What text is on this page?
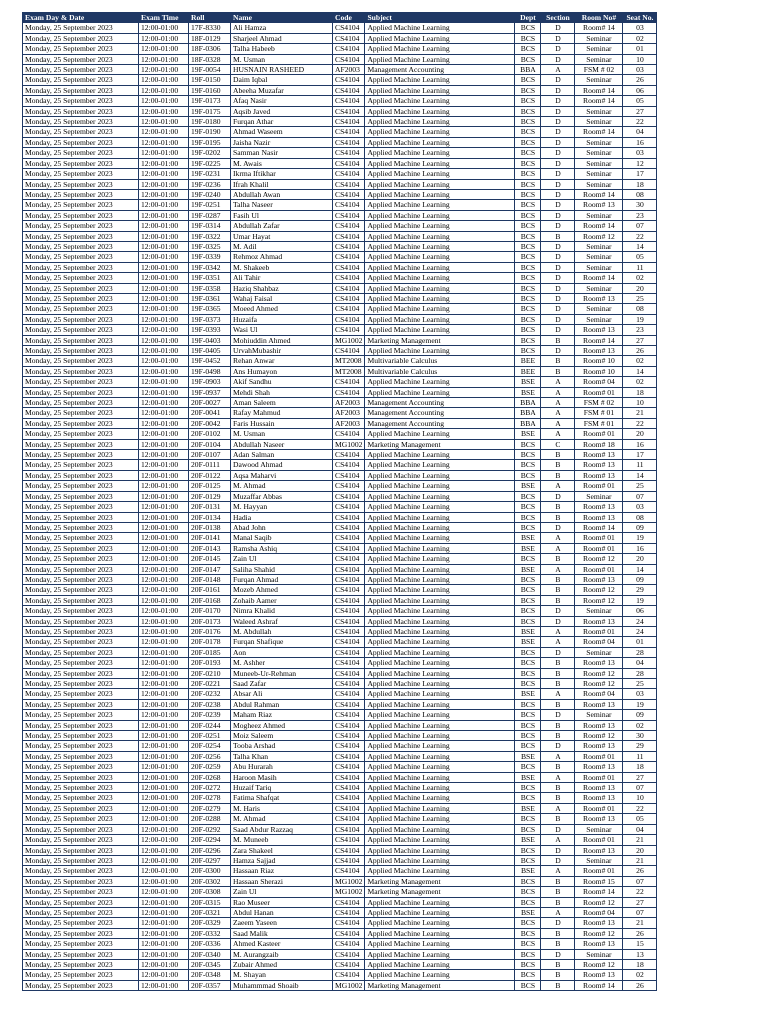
Exam Day & Date	Exam Time	Roll	Name	Code	Subject	Dept	Section	Room No#	Seat No.
Monday, 25 September 2023	12:00-01:00	17F-8330	Ali Hamza	CS4104	Applied Machine Learning	BCS	D	Room# 14	03
Monday, 25 September 2023	12:00-01:00	18F-0129	Sharjeel Ahmad	CS4104	Applied Machine Learning	BCS	D	Seminar	02
Monday, 25 September 2023	12:00-01:00	18F-0306	Talha Habeeb	CS4104	Applied Machine Learning	BCS	D	Seminar	01
Monday, 25 September 2023	12:00-01:00	18F-0328	M. Usman	CS4104	Applied Machine Learning	BCS	D	Seminar	10
Monday, 25 September 2023	12:00-01:00	19F-0054	HUSNAIN RASHEED	AF2003	Management Accounting	BBA	A	FSM # 02	03
Monday, 25 September 2023	12:00-01:00	19F-0150	Daim Iqbal	CS4104	Applied Machine Learning	BCS	D	Seminar	26
Monday, 25 September 2023	12:00-01:00	19F-0160	Abeeha Muzafar	CS4104	Applied Machine Learning	BCS	D	Room# 14	06
Monday, 25 September 2023	12:00-01:00	19F-0173	Afaq Nasir	CS4104	Applied Machine Learning	BCS	D	Room# 14	05
Monday, 25 September 2023	12:00-01:00	19F-0175	Aqsib Javed	CS4104	Applied Machine Learning	BCS	D	Seminar	27
Monday, 25 September 2023	12:00-01:00	19F-0180	Furqan Athar	CS4104	Applied Machine Learning	BCS	D	Seminar	22
Monday, 25 September 2023	12:00-01:00	19F-0190	Ahmad Waseem	CS4104	Applied Machine Learning	BCS	D	Room# 14	04
Monday, 25 September 2023	12:00-01:00	19F-0195	Jaisha Nazir	CS4104	Applied Machine Learning	BCS	D	Seminar	16
Monday, 25 September 2023	12:00-01:00	19F-0202	Samman Nasir	CS4104	Applied Machine Learning	BCS	D	Seminar	03
Monday, 25 September 2023	12:00-01:00	19F-0225	M. Awais	CS4104	Applied Machine Learning	BCS	D	Seminar	12
Monday, 25 September 2023	12:00-01:00	19F-0231	Ikrma Iftikhar	CS4104	Applied Machine Learning	BCS	D	Seminar	17
Monday, 25 September 2023	12:00-01:00	19F-0236	Ifrah Khalil	CS4104	Applied Machine Learning	BCS	D	Seminar	18
Monday, 25 September 2023	12:00-01:00	19F-0240	Abdullah Awan	CS4104	Applied Machine Learning	BCS	D	Room# 14	08
Monday, 25 September 2023	12:00-01:00	19F-0251	Talha Naseer	CS4104	Applied Machine Learning	BCS	D	Room# 13	30
Monday, 25 September 2023	12:00-01:00	19F-0287	Fasih Ul	CS4104	Applied Machine Learning	BCS	D	Seminar	23
Monday, 25 September 2023	12:00-01:00	19F-0314	Abdullah Zafar	CS4104	Applied Machine Learning	BCS	D	Room# 14	07
Monday, 25 September 2023	12:00-01:00	19F-0322	Umar Hayat	CS4104	Applied Machine Learning	BCS	B	Room# 12	22
Monday, 25 September 2023	12:00-01:00	19F-0325	M. Adil	CS4104	Applied Machine Learning	BCS	D	Seminar	14
Monday, 25 September 2023	12:00-01:00	19F-0339	Rehmoz Ahmad	CS4104	Applied Machine Learning	BCS	D	Seminar	05
Monday, 25 September 2023	12:00-01:00	19F-0342	M. Shakeeb	CS4104	Applied Machine Learning	BCS	D	Seminar	11
Monday, 25 September 2023	12:00-01:00	19F-0351	Ali Tahir	CS4104	Applied Machine Learning	BCS	D	Room# 14	02
Monday, 25 September 2023	12:00-01:00	19F-0358	Haziq Shahbaz	CS4104	Applied Machine Learning	BCS	D	Seminar	20
Monday, 25 September 2023	12:00-01:00	19F-0361	Wahaj Faisal	CS4104	Applied Machine Learning	BCS	D	Room# 13	25
Monday, 25 September 2023	12:00-01:00	19F-0365	Moeed Ahmed	CS4104	Applied Machine Learning	BCS	D	Seminar	08
Monday, 25 September 2023	12:00-01:00	19F-0373	Huzaifa	CS4104	Applied Machine Learning	BCS	D	Seminar	19
Monday, 25 September 2023	12:00-01:00	19F-0393	Wasi Ul	CS4104	Applied Machine Learning	BCS	D	Room# 13	23
Monday, 25 September 2023	12:00-01:00	19F-0403	Mohiuddin Ahmed	MG1002	Marketing Management	BCS	B	Room# 14	27
Monday, 25 September 2023	12:00-01:00	19F-0405	UrvahMubashir	CS4104	Applied Machine Learning	BCS	D	Room# 13	26
Monday, 25 September 2023	12:00-01:00	19F-0452	Rehan Anwar	MT2008	Multivariable Calculus	BEE	B	Room# 10	02
Monday, 25 September 2023	12:00-01:00	19F-0498	Ans Humayon	MT2008	Multivariable Calculus	BEE	B	Room# 10	14
Monday, 25 September 2023	12:00-01:00	19F-0903	Akif Sandhu	CS4104	Applied Machine Learning	BSE	A	Room# 04	02
Monday, 25 September 2023	12:00-01:00	19F-0937	Mehdi Shah	CS4104	Applied Machine Learning	BSE	A	Room# 01	18
Monday, 25 September 2023	12:00-01:00	20F-0027	Aman Saleem	AF2003	Management Accounting	BBA	A	FSM # 02	10
Monday, 25 September 2023	12:00-01:00	20F-0041	Rafay Mahmud	AF2003	Management Accounting	BBA	A	FSM # 01	21
Monday, 25 September 2023	12:00-01:00	20F-0042	Faris Hussain	AF2003	Management Accounting	BBA	A	FSM # 01	22
Monday, 25 September 2023	12:00-01:00	20F-0102	M. Usman	CS4104	Applied Machine Learning	BSE	A	Room# 01	20
Monday, 25 September 2023	12:00-01:00	20F-0104	Abdullah Naseer	MG1002	Marketing Management	BCS	C	Room# 18	16
Monday, 25 September 2023	12:00-01:00	20F-0107	Adan Salman	CS4104	Applied Machine Learning	BCS	B	Room# 13	17
Monday, 25 September 2023	12:00-01:00	20F-0111	Dawood Ahmad	CS4104	Applied Machine Learning	BCS	B	Room# 13	11
Monday, 25 September 2023	12:00-01:00	20F-0122	Aqsa Maharvi	CS4104	Applied Machine Learning	BCS	B	Room# 13	14
Monday, 25 September 2023	12:00-01:00	20F-0125	M. Ahmad	CS4104	Applied Machine Learning	BSE	A	Room# 01	25
Monday, 25 September 2023	12:00-01:00	20F-0129	Muzaffar Abbas	CS4104	Applied Machine Learning	BCS	D	Seminar	07
Monday, 25 September 2023	12:00-01:00	20F-0131	M. Hayyan	CS4104	Applied Machine Learning	BCS	B	Room# 13	03
Monday, 25 September 2023	12:00-01:00	20F-0134	Hadia	CS4104	Applied Machine Learning	BCS	B	Room# 13	08
Monday, 25 September 2023	12:00-01:00	20F-0138	Abad John	CS4104	Applied Machine Learning	BCS	D	Room# 14	09
Monday, 25 September 2023	12:00-01:00	20F-0141	Manal Saqib	CS4104	Applied Machine Learning	BSE	A	Room# 01	19
Monday, 25 September 2023	12:00-01:00	20F-0143	Ramsha Ashiq	CS4104	Applied Machine Learning	BSE	A	Room# 01	16
Monday, 25 September 2023	12:00-01:00	20F-0145	Zain Ul	CS4104	Applied Machine Learning	BCS	B	Room# 12	20
Monday, 25 September 2023	12:00-01:00	20F-0147	Saliha Shahid	CS4104	Applied Machine Learning	BSE	A	Room# 01	14
Monday, 25 September 2023	12:00-01:00	20F-0148	Furqan Ahmad	CS4104	Applied Machine Learning	BCS	B	Room# 13	09
Monday, 25 September 2023	12:00-01:00	20F-0161	Mozeb Ahmed	CS4104	Applied Machine Learning	BCS	B	Room# 12	29
Monday, 25 September 2023	12:00-01:00	20F-0168	Zohaib Aamer	CS4104	Applied Machine Learning	BCS	B	Room# 12	19
Monday, 25 September 2023	12:00-01:00	20F-0170	Nimra Khalid	CS4104	Applied Machine Learning	BCS	D	Seminar	06
Monday, 25 September 2023	12:00-01:00	20F-0173	Waleed Ashraf	CS4104	Applied Machine Learning	BCS	D	Room# 13	24
Monday, 25 September 2023	12:00-01:00	20F-0176	M. Abdullah	CS4104	Applied Machine Learning	BSE	A	Room# 01	24
Monday, 25 September 2023	12:00-01:00	20F-0178	Furqan Shafique	CS4104	Applied Machine Learning	BSE	A	Room# 04	01
Monday, 25 September 2023	12:00-01:00	20F-0185	Aon	CS4104	Applied Machine Learning	BCS	D	Seminar	28
Monday, 25 September 2023	12:00-01:00	20F-0193	M. Ashher	CS4104	Applied Machine Learning	BCS	B	Room# 13	04
Monday, 25 September 2023	12:00-01:00	20F-0210	Muneeb-Ur-Rehman	CS4104	Applied Machine Learning	BCS	B	Room# 12	28
Monday, 25 September 2023	12:00-01:00	20F-0221	Saad Zafar	CS4104	Applied Machine Learning	BCS	B	Room# 12	25
Monday, 25 September 2023	12:00-01:00	20F-0232	Absar Ali	CS4104	Applied Machine Learning	BSE	A	Room# 04	03
Monday, 25 September 2023	12:00-01:00	20F-0238	Abdul Rahman	CS4104	Applied Machine Learning	BCS	B	Room# 13	19
Monday, 25 September 2023	12:00-01:00	20F-0239	Maham Riaz	CS4104	Applied Machine Learning	BCS	D	Seminar	09
Monday, 25 September 2023	12:00-01:00	20F-0244	Mogheez Ahmed	CS4104	Applied Machine Learning	BCS	B	Room# 13	02
Monday, 25 September 2023	12:00-01:00	20F-0251	Moiz Saleem	CS4104	Applied Machine Learning	BCS	B	Room# 12	30
Monday, 25 September 2023	12:00-01:00	20F-0254	Tooba Arshad	CS4104	Applied Machine Learning	BCS	D	Room# 13	29
Monday, 25 September 2023	12:00-01:00	20F-0256	Talha Khan	CS4104	Applied Machine Learning	BSE	A	Room# 01	11
Monday, 25 September 2023	12:00-01:00	20F-0259	Abu Hurarah	CS4104	Applied Machine Learning	BCS	B	Room# 13	18
Monday, 25 September 2023	12:00-01:00	20F-0268	Haroon Masih	CS4104	Applied Machine Learning	BSE	A	Room# 01	27
Monday, 25 September 2023	12:00-01:00	20F-0272	Huzaif Tariq	CS4104	Applied Machine Learning	BCS	B	Room# 13	07
Monday, 25 September 2023	12:00-01:00	20F-0278	Fatima Shafqat	CS4104	Applied Machine Learning	BCS	B	Room# 13	10
Monday, 25 September 2023	12:00-01:00	20F-0279	M. Haris	CS4104	Applied Machine Learning	BSE	A	Room# 01	22
Monday, 25 September 2023	12:00-01:00	20F-0288	M. Ahmad	CS4104	Applied Machine Learning	BCS	B	Room# 13	05
Monday, 25 September 2023	12:00-01:00	20F-0292	Saad Abdur Razzaq	CS4104	Applied Machine Learning	BCS	D	Seminar	04
Monday, 25 September 2023	12:00-01:00	20F-0294	M. Muneeb	CS4104	Applied Machine Learning	BSE	A	Room# 01	21
Monday, 25 September 2023	12:00-01:00	20F-0296	Zara Shakeel	CS4104	Applied Machine Learning	BCS	D	Room# 13	20
Monday, 25 September 2023	12:00-01:00	20F-0297	Hamza Sajjad	CS4104	Applied Machine Learning	BCS	D	Seminar	21
Monday, 25 September 2023	12:00-01:00	20F-0300	Hassaan Riaz	CS4104	Applied Machine Learning	BSE	A	Room# 01	26
Monday, 25 September 2023	12:00-01:00	20F-0302	Hassaan Sherazi	MG1002	Marketing Management	BCS	B	Room# 15	07
Monday, 25 September 2023	12:00-01:00	20F-0308	Zain Ul	MG1002	Marketing Management	BCS	B	Room# 14	22
Monday, 25 September 2023	12:00-01:00	20F-0315	Rao Museer	CS4104	Applied Machine Learning	BCS	B	Room# 12	27
Monday, 25 September 2023	12:00-01:00	20F-0321	Abdul Hanan	CS4104	Applied Machine Learning	BSE	A	Room# 04	07
Monday, 25 September 2023	12:00-01:00	20F-0329	Zaeem Yaseen	CS4104	Applied Machine Learning	BCS	D	Room# 13	21
Monday, 25 September 2023	12:00-01:00	20F-0332	Saad Malik	CS4104	Applied Machine Learning	BCS	B	Room# 12	26
Monday, 25 September 2023	12:00-01:00	20F-0336	Ahmed Kasteer	CS4104	Applied Machine Learning	BCS	B	Room# 13	15
Monday, 25 September 2023	12:00-01:00	20F-0340	M. Aurangzaib	CS4104	Applied Machine Learning	BCS	D	Seminar	13
Monday, 25 September 2023	12:00-01:00	20F-0345	Zubair Ahmed	CS4104	Applied Machine Learning	BCS	B	Room# 12	18
Monday, 25 September 2023	12:00-01:00	20F-0348	M. Shayan	CS4104	Applied Machine Learning	BCS	B	Room# 13	02
Monday, 25 September 2023	12:00-01:00	20F-0357	Muhammmad Shoaib	MG1002	Marketing Management	BCS	B	Room# 14	26
